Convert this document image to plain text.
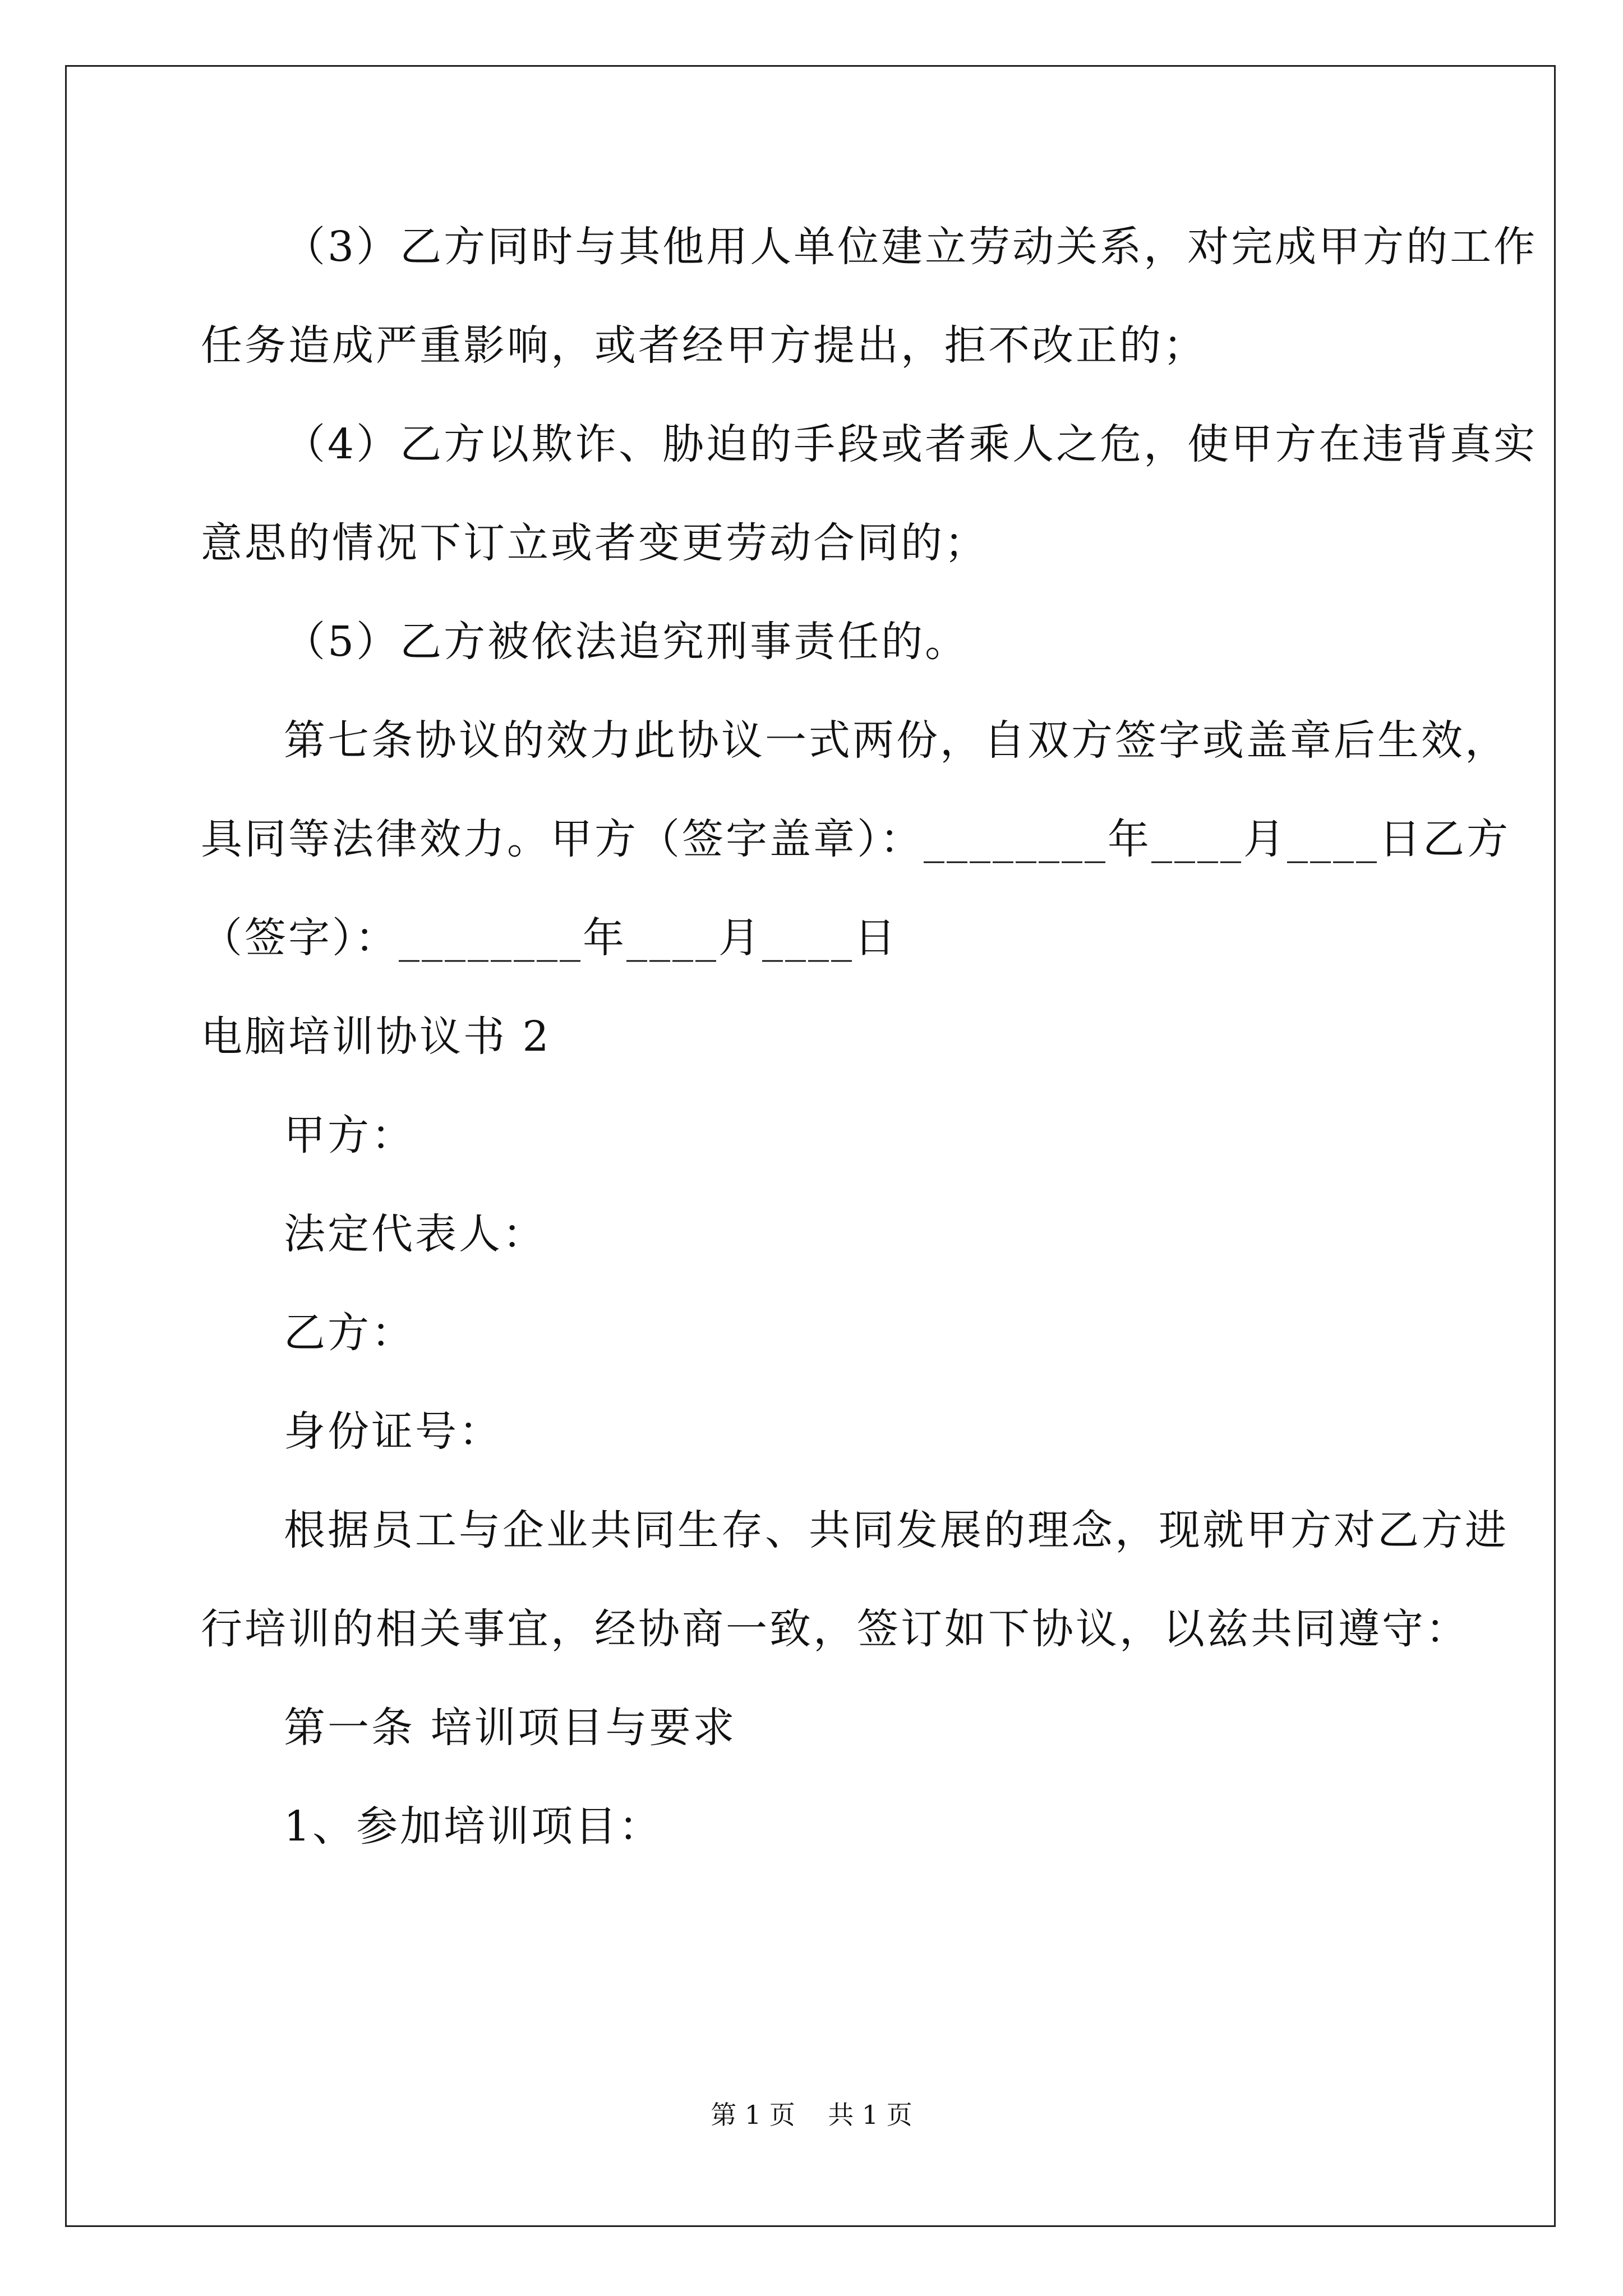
（3）乙方同时与其他用人单位建立劳动关系，对完成甲方的工作
任务造成严重影响，或者经甲方提出，拒不改正的；
（4）乙方以欺诈、胁迫的手段或者乘人之危，使甲方在违背真实
意思的情况下订立或者变更劳动合同的；
（5）乙方被依法追究刑事责任的。
第七条协议的效力此协议一式两份，自双方签字或盖章后生效，
具同等法律效力。甲方（签字盖章）：________年____月____日乙方
（签字）：________年____月____日
电脑培训协议书 2
甲方：
法定代表人：
乙方：
身份证号：
根据员工与企业共同生存、共同发展的理念，现就甲方对乙方进
行培训的相关事宜，经协商一致，签订如下协议，以兹共同遵守：
第一条 培训项目与要求
1、参加培训项目：
第 1 页    共 1 页
